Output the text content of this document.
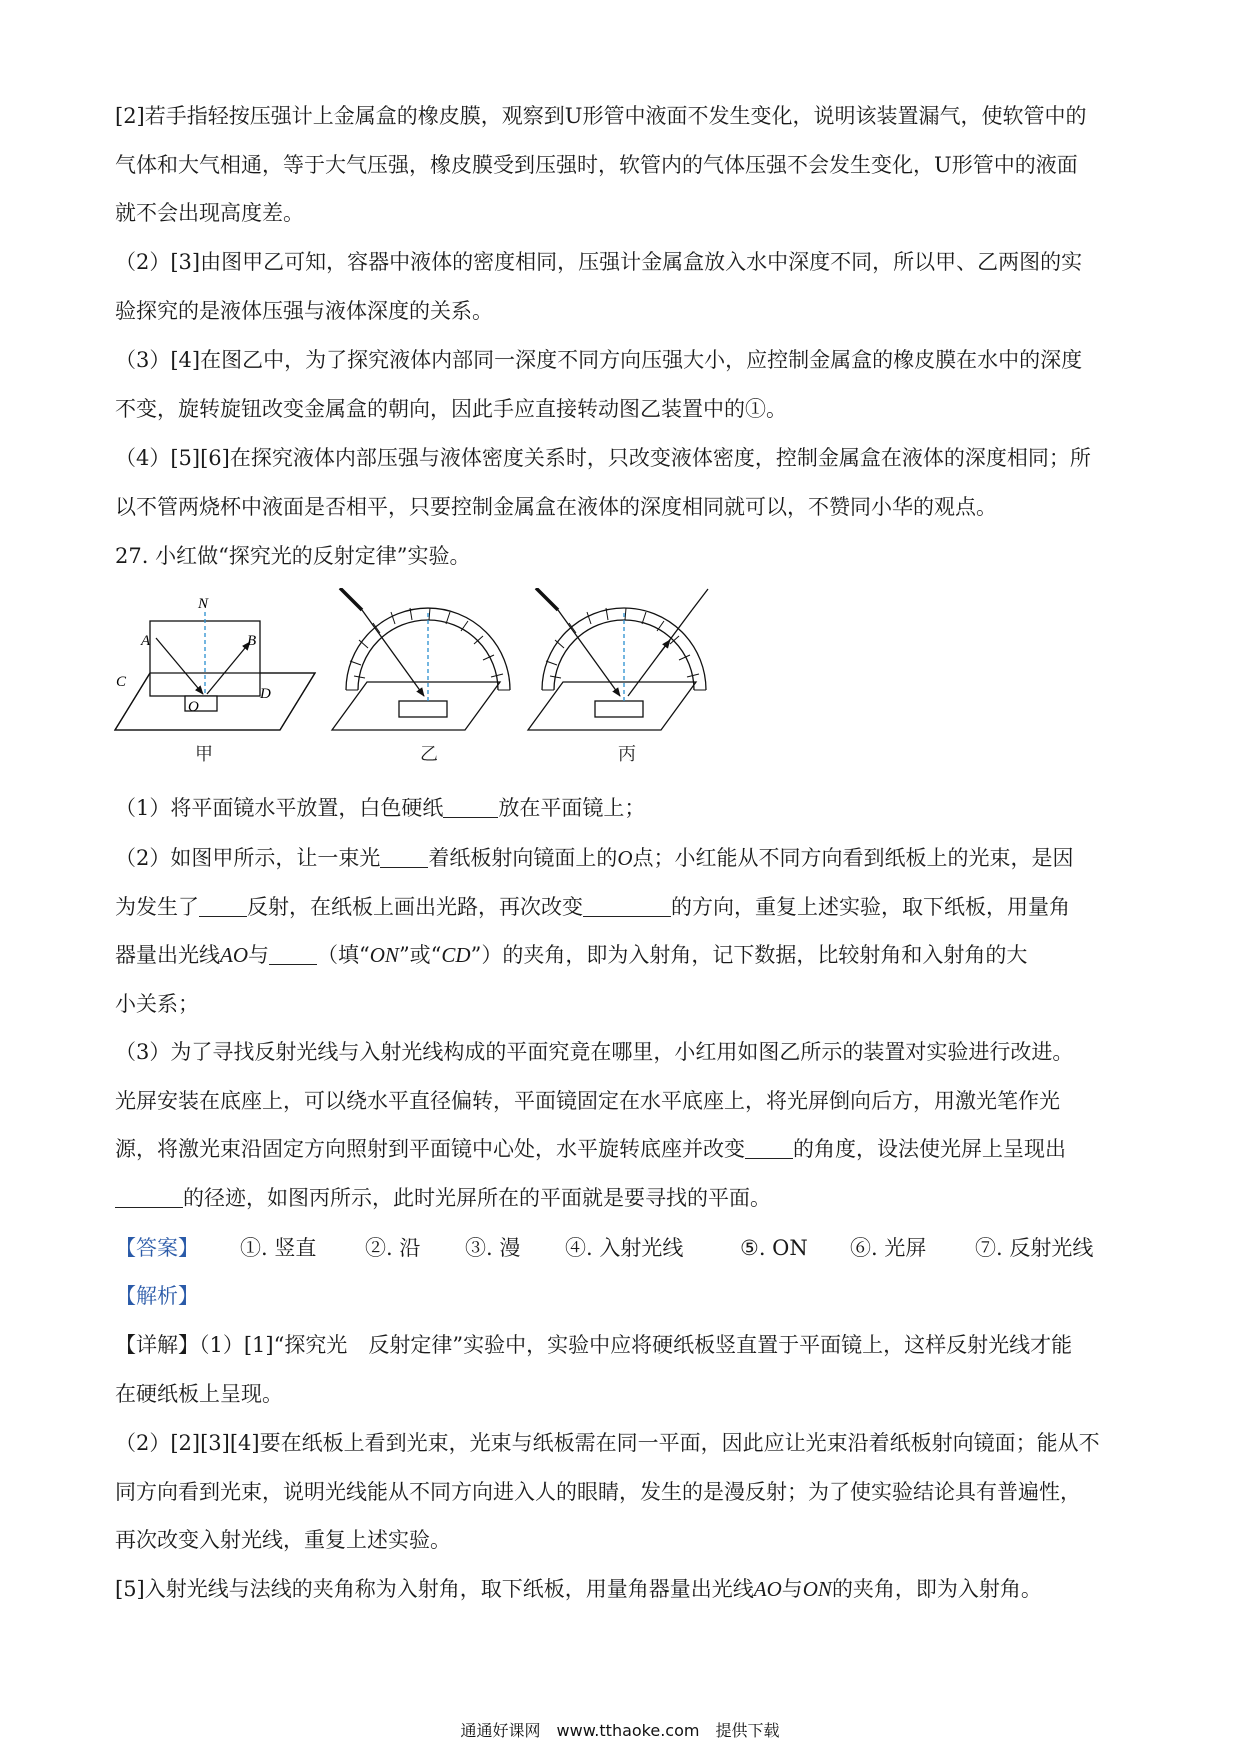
[2]若手指轻按压强计上金属盒的橡皮膜，观察到U形管中液面不发生变化，说明该装置漏气，使软管中的
气体和大气相通，等于大气压强，橡皮膜受到压强时，软管内的气体压强不会发生变化，U形管中的液面
就不会出现高度差。
（2）[3]由图甲乙可知，容器中液体的密度相同，压强计金属盒放入水中深度不同，所以甲、乙两图的实
验探究的是液体压强与液体深度的关系。
（3）[4]在图乙中，为了探究液体内部同一深度不同方向压强大小，应控制金属盒的橡皮膜在水中的深度
不变，旋转旋钮改变金属盒的朝向，因此手应直接转动图乙装置中的①。
（4）[5][6]在探究液体内部压强与液体密度关系时，只改变液体密度，控制金属盒在液体的深度相同；所
以不管两烧杯中液面是否相平，只要控制金属盒在液体的深度相同就可以，不赞同小华的观点。
27. 小红做“探究光的反射定律”实验。
N
A	B
C
D
O
甲	乙	丙
（1）将平面镜水平放置，白色硬纸	放在平面镜上；
（2）如图甲所示，让一束光 着纸板射向镜面上的O点；小红能从不同方向看到纸板上的光束，是因
为发生了 反射，在纸板上画出光路，再次改变	的方向，重复上述实验，取下纸板，用量角
器量出光线AO与 （填“ON”或“CD”）的夹角，即为入射角，记下数据，比较射角和入射角的大
小关系；
（3）为了寻找反射光线与入射光线构成的平面究竟在哪里，小红用如图乙所示的装置对实验进行改进。
光屏安装在底座上，可以绕水平直径偏转，平面镜固定在水平底座上，将光屏倒向后方，用激光笔作光
源，将激光束沿固定方向照射到平面镜中心处，水平旋转底座并改变 的角度，设法使光屏上呈现出
的径迹，如图丙所示，此时光屏所在的平面就是要寻找的平面。
【答案】 ①. 竖直 ②. 沿 ③. 漫 ④. 入射光线	⑤. ON ⑥. 光屏 ⑦. 反射光线
【解析】
【详解】（1）[1]“探究光　反射定律”实验中，实验中应将硬纸板竖直置于平面镜上，这样反射光线才能
在硬纸板上呈现。
（2）[2][3][4]要在纸板上看到光束，光束与纸板需在同一平面，因此应让光束沿着纸板射向镜面；能从不
同方向看到光束，说明光线能从不同方向进入人的眼睛，发生的是漫反射；为了使实验结论具有普遍性，
再次改变入射光线，重复上述实验。
[5]入射光线与法线的夹角称为入射角，取下纸板，用量角器量出光线AO与ON的夹角，即为入射角。
通通好课网　www.tthaoke.com　提供下载
